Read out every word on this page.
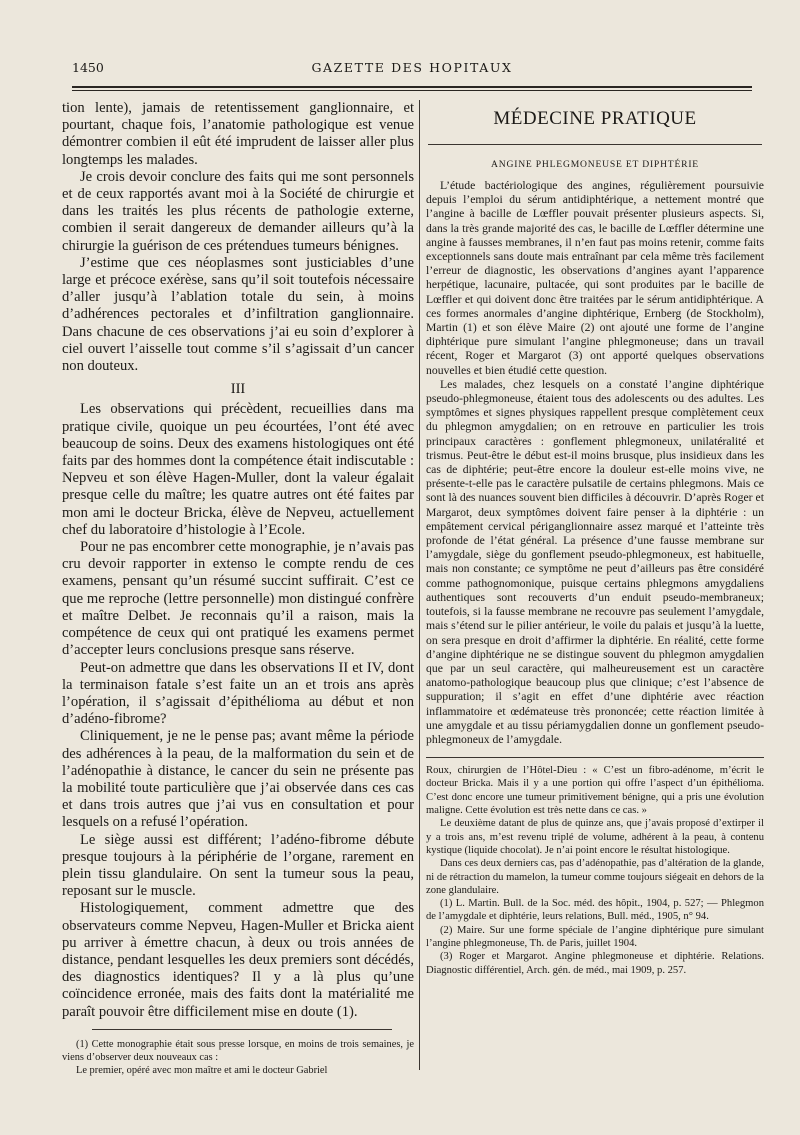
1450	GAZETTE DES HOPITAUX

tion lente), jamais de retentissement ganglionnaire, et pourtant, chaque fois, l’anatomie pathologique est venue démontrer combien il eût été imprudent de laisser aller plus longtemps les malades.

Je crois devoir conclure des faits qui me sont personnels et de ceux rapportés avant moi à la Société de chirurgie et dans les traités les plus récents de pathologie externe, combien il serait dangereux de demander ailleurs qu’à la chirurgie la guérison de ces prétendues tumeurs bénignes.

J’estime que ces néoplasmes sont justiciables d’une large et précoce exérèse, sans qu’il soit toutefois nécessaire d’aller jusqu’à l’ablation totale du sein, à moins d’adhérences pectorales et d’infiltration ganglionnaire. Dans chacune de ces observations j’ai eu soin d’explorer à ciel ouvert l’aisselle tout comme s’il s’agissait d’un cancer non douteux.

III

Les observations qui précèdent, recueillies dans ma pratique civile, quoique un peu écourtées, l’ont été avec beaucoup de soins. Deux des examens histologiques ont été faits par des hommes dont la compétence était indiscutable : Nepveu et son élève Hagen-Muller, dont la valeur égalait presque celle du maître; les quatre autres ont été faites par mon ami le docteur Bricka, élève de Nepveu, actuellement chef du laboratoire d’histologie à l’Ecole.

Pour ne pas encombrer cette monographie, je n’avais pas cru devoir rapporter in extenso le compte rendu de ces examens, pensant qu’un résumé succint suffirait. C’est ce que me reproche (lettre personnelle) mon distingué confrère et maître Delbet. Je reconnais qu’il a raison, mais la compétence de ceux qui ont pratiqué les examens permet d’accepter leurs conclusions presque sans réserve.

Peut-on admettre que dans les observations II et IV, dont la terminaison fatale s’est faite un an et trois ans après l’opération, il s’agissait d’épithélioma au début et non d’adéno-fibrome?

Cliniquement, je ne le pense pas; avant même la période des adhérences à la peau, de la malformation du sein et de l’adénopathie à distance, le cancer du sein ne présente pas la mobilité toute particulière que j’ai observée dans ces cas et dans trois autres que j’ai vus en consultation et pour lesquels on a refusé l’opération.

Le siège aussi est différent; l’adéno-fibrome débute presque toujours à la périphérie de l’organe, rarement en plein tissu glandulaire. On sent la tumeur sous la peau, reposant sur le muscle.

Histologiquement, comment admettre que des observateurs comme Nepveu, Hagen-Muller et Bricka aient pu arriver à émettre chacun, à deux ou trois années de distance, pendant lesquelles les deux premiers sont décédés, des diagnostics identiques? Il y a là plus qu’une coïncidence erronée, mais des faits dont la matérialité me paraît pouvoir être difficilement mise en doute (1).

(1) Cette monographie était sous presse lorsque, en moins de trois semaines, je viens d’observer deux nouveaux cas :

Le premier, opéré avec mon maître et ami le docteur Gabriel

MÉDECINE PRATIQUE
ANGINE PHLEGMONEUSE ET DIPHTÉRIE

L’étude bactériologique des angines, régulièrement poursuivie depuis l’emploi du sérum antidiphtérique, a nettement montré que l’angine à bacille de Lœffler pouvait présenter plusieurs aspects. Si, dans la très grande majorité des cas, le bacille de Lœffler détermine une angine à fausses membranes, il n’en faut pas moins retenir, comme faits exceptionnels sans doute mais entraînant par cela même très facilement l’erreur de diagnostic, les observations d’angines ayant l’apparence herpétique, lacunaire, pultacée, qui sont produites par le bacille de Lœffler et qui doivent donc être traitées par le sérum antidiphtérique. A ces formes anormales d’angine diphtérique, Ernberg (de Stockholm), Martin (1) et son élève Maire (2) ont ajouté une forme de l’angine diphtérique pure simulant l’angine phlegmoneuse; dans un travail récent, Roger et Margarot (3) ont apporté quelques observations nouvelles et bien étudié cette question.

Les malades, chez lesquels on a constaté l’angine diphtérique pseudo-phlegmoneuse, étaient tous des adolescents ou des adultes. Les symptômes et signes physiques rappellent presque complètement ceux du phlegmon amygdalien; on en retrouve en particulier les trois principaux caractères : gonflement phlegmoneux, unilatéralité et trismus. Peut-être le début est-il moins brusque, plus insidieux dans les cas de diphtérie; peut-être encore la douleur est-elle moins vive, ne présente-t-elle pas le caractère pulsatile de certains phlegmons. Mais ce sont là des nuances souvent bien difficiles à découvrir. D’après Roger et Margarot, deux symptômes doivent faire penser à la diphtérie : un empâtement cervical périganglionnaire assez marqué et l’atteinte très profonde de l’état général. La présence d’une fausse membrane sur l’amygdale, siège du gonflement pseudo-phlegmoneux, est habituelle, mais non constante; ce symptôme ne peut d’ailleurs pas être considéré comme pathognomonique, puisque certains phlegmons amygdaliens authentiques sont recouverts d’un enduit pseudo-membraneux; toutefois, si la fausse membrane ne recouvre pas seulement l’amygdale, mais s’étend sur le pilier antérieur, le voile du palais et jusqu’à la luette, on sera presque en droit d’affirmer la diphtérie. En réalité, cette forme d’angine diphtérique ne se distingue souvent du phlegmon amygdalien que par un seul caractère, qui malheureusement est un caractère anatomo-pathologique beaucoup plus que clinique; c’est l’absence de suppuration; il s’agit en effet d’une diphtérie avec réaction inflammatoire et œdémateuse très prononcée; cette réaction limitée à une amygdale et au tissu périamygdalien donne un gonflement pseudo-phlegmoneux de l’amygdale.

Roux, chirurgien de l’Hôtel-Dieu : « C’est un fibro-adénome, m’écrit le docteur Bricka. Mais il y a une portion qui offre l’aspect d’un épithélioma. C’est donc encore une tumeur primitivement bénigne, qui a pris une évolution maligne. Cette évolution est très nette dans ce cas. »

Le deuxième datant de plus de quinze ans, que j’avais proposé d’extirper il y a trois ans, m’est revenu triplé de volume, adhérent à la peau, à contenu kystique (liquide chocolat). Je n’ai point encore le résultat histologique.

Dans ces deux derniers cas, pas d’adénopathie, pas d’altération de la glande, ni de rétraction du mamelon, la tumeur comme toujours siégeait en dehors de la zone glandulaire.

(1) L. Martin. Bull. de la Soc. méd. des hôpit., 1904, p. 527; — Phlegmon de l’amygdale et diphtérie, leurs relations, Bull. méd., 1905, n° 94.

(2) Maire. Sur une forme spéciale de l’angine diphtérique pure simulant l’angine phlegmoneuse, Th. de Paris, juillet 1904.

(3) Roger et Margarot. Angine phlegmoneuse et diphtérie. Relations. Diagnostic différentiel, Arch. gén. de méd., mai 1909, p. 257.
